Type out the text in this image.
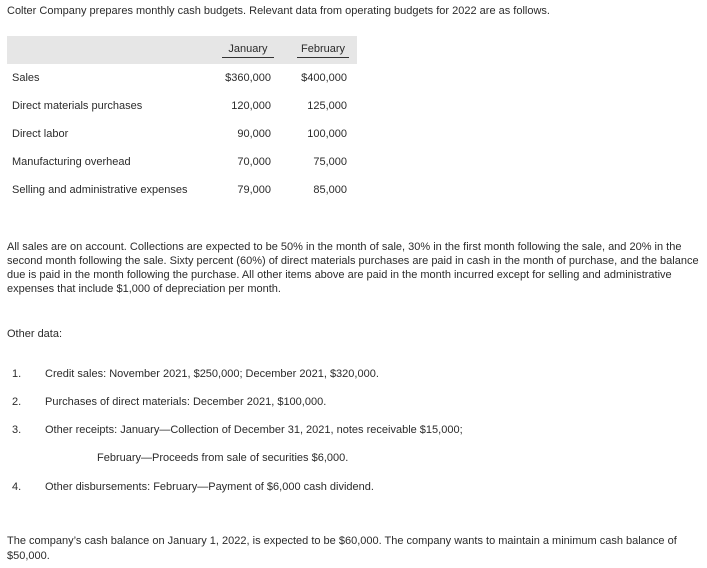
Colter Company prepares monthly cash budgets. Relevant data from operating budgets for 2022 are as follows.
January	February
Sales	$360,000	$400,000
Direct materials purchases	120,000	125,000
Direct labor	90,000	100,000
Manufacturing overhead	70,000	75,000
Selling and administrative expenses	79,000	85,000
All sales are on account. Collections are expected to be 50% in the month of sale, 30% in the first month following the sale, and 20% in the second month following the sale. Sixty percent (60%) of direct materials purchases are paid in cash in the month of purchase, and the balance due is paid in the month following the purchase. All other items above are paid in the month incurred except for selling and administrative expenses that include $1,000 of depreciation per month.
Other data:
1. Credit sales: November 2021, $250,000; December 2021, $320,000.
2. Purchases of direct materials: December 2021, $100,000.
3. Other receipts: January—Collection of December 31, 2021, notes receivable $15,000;
February—Proceeds from sale of securities $6,000.
4. Other disbursements: February—Payment of $6,000 cash dividend.
The company’s cash balance on January 1, 2022, is expected to be $60,000. The company wants to maintain a minimum cash balance of $50,000.
